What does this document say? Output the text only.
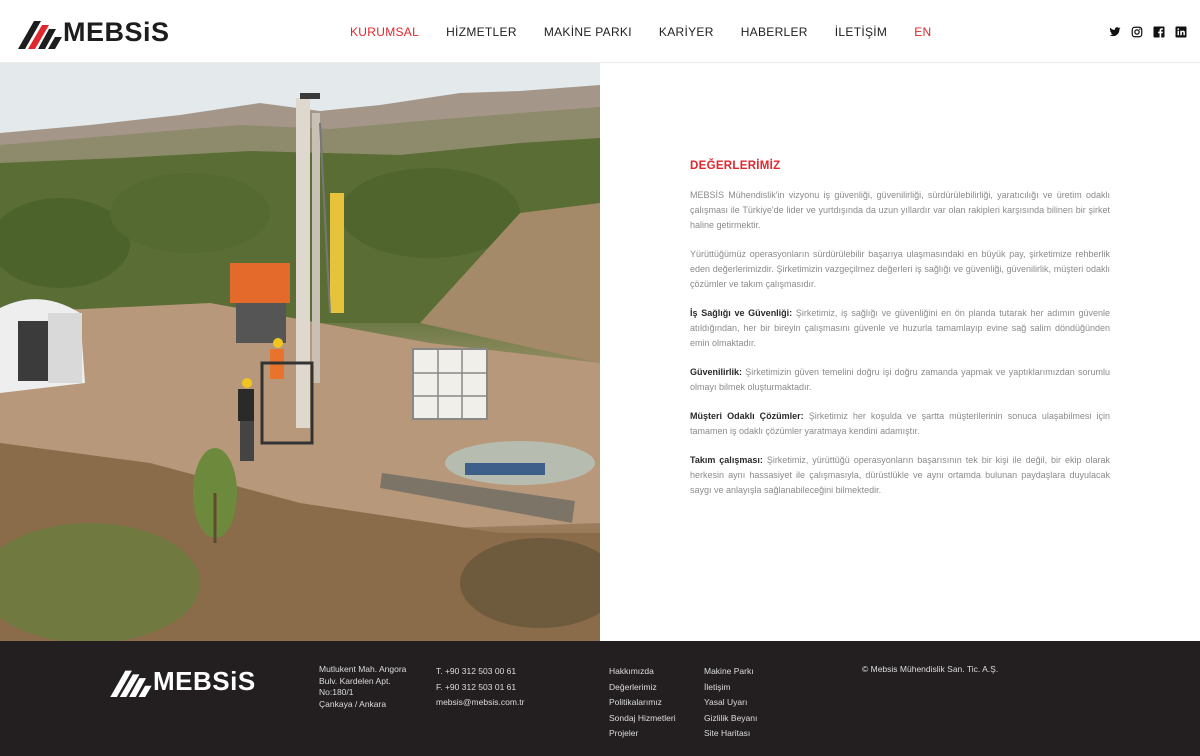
MEBSiS	KURUMSAL HİZMETLER MAKİNE PARKI KARİYER HABERLER İLETİŞİM EN
DEĞERLERİMİZ

MEBSİS Mühendislik'in vizyonu iş güvenliği, güvenilirliği, sürdürülebilirliği, yaratıcılığı ve üretim odaklı çalışması ile Türkiye'de lider ve yurtdışında da uzun yıllardır var olan rakipleri karşısında bilinen bir şirket haline getirmektir.

Yürüttüğümüz operasyonların sürdürülebilir başarıya ulaşmasındaki en büyük pay, şirketimize rehberlik eden değerlerimizdir. Şirketimizin vazgeçilmez değerleri iş sağlığı ve güvenliği, güvenilirlik, müşteri odaklı çözümler ve takım çalışmasıdır.

İş Sağlığı ve Güvenliği: Şirketimiz, iş sağlığı ve güvenliğini en ön planda tutarak her adımın güvenle atıldığından, her bir bireyin çalışmasını güvenle ve huzurla tamamlayıp evine sağ salim döndüğünden emin olmaktadır.

Güvenilirlik: Şirketimizin güven temelini doğru işi doğru zamanda yapmak ve yaptıklarımızdan sorumlu olmayı bilmek oluşturmaktadır.

Müşteri Odaklı Çözümler: Şirketimiz her koşulda ve şartta müşterilerinin sonuca ulaşabilmesi için tamamen iş odaklı çözümler yaratmaya kendini adamıştır.

Takım çalışması: Şirketimiz, yürüttüğü operasyonların başarısının tek bir kişi ile değil, bir ekip olarak herkesin aynı hassasiyet ile çalışmasıyla, dürüstlükle ve aynı ortamda bulunan paydaşlara duyulacak saygı ve anlayışla sağlanabileceğini bilmektedir.

MEBSiS	Mutlukent Mah. Angora
Bulv. Kardelen Apt.
No:180/1
Çankaya / Ankara
T. +90 312 503 00 61
F. +90 312 503 01 61
mebsis@mebsis.com.tr
Hakkımızda
Değerlerimiz
Politikalarımız
Sondaj Hizmetleri
Projeler
Makine Parkı
İletişim
Yasal Uyarı
Gizlilik Beyanı
Site Haritası
© Mebsis Mühendislik San. Tic. A.Ş.
